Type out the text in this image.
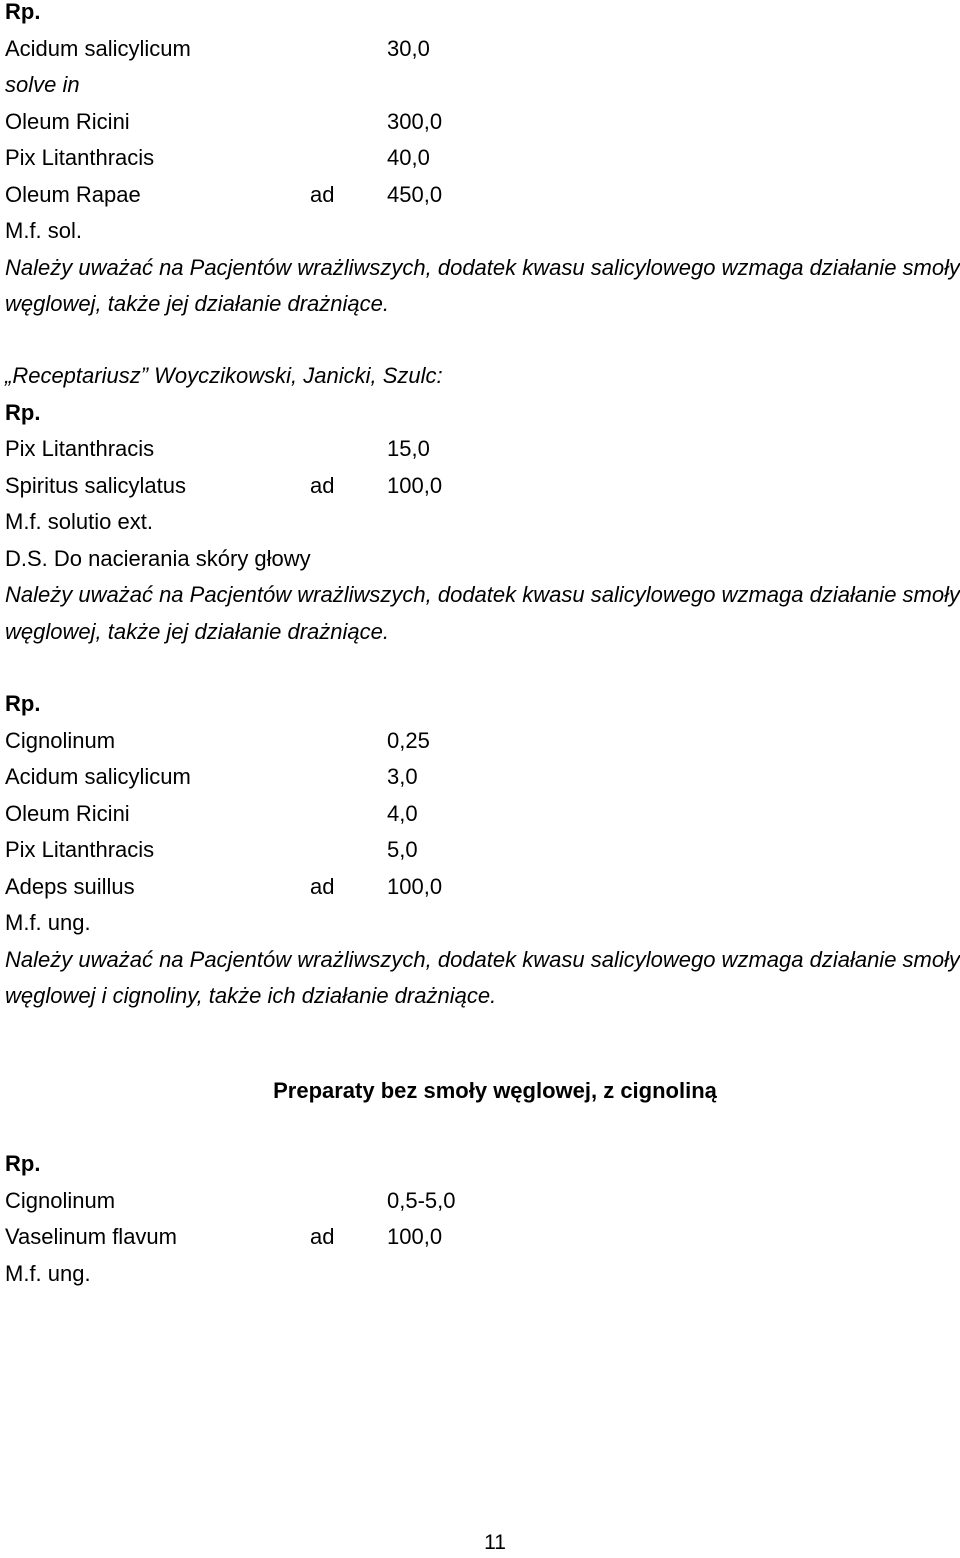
Rp.
Acidum salicylicum	30,0
solve in
Oleum Ricini	300,0
Pix Litanthracis	40,0
Oleum Rapae	ad 450,0
M.f. sol.
Należy uważać na Pacjentów wrażliwszych, dodatek kwasu salicylowego wzmaga działanie smoły węglowej, także jej działanie drażniące.
„Receptariusz” Woyczikowski, Janicki, Szulc:
Rp.
Pix Litanthracis	15,0
Spiritus salicylatus	ad 100,0
M.f. solutio ext.
D.S. Do nacierania skóry głowy
Należy uważać na Pacjentów wrażliwszych, dodatek kwasu salicylowego wzmaga działanie smoły węglowej, także jej działanie drażniące.
Rp.
Cignolinum	0,25
Acidum salicylicum	3,0
Oleum Ricini	4,0
Pix Litanthracis	5,0
Adeps suillus	ad 100,0
M.f. ung.
Należy uważać na Pacjentów wrażliwszych, dodatek kwasu salicylowego wzmaga działanie smoły węglowej i cignoliny, także ich działanie drażniące.
Preparaty bez smoły węglowej, z cignoliną
Rp.
Cignolinum	0,5-5,0
Vaselinum flavum	ad 100,0
M.f. ung.
11
